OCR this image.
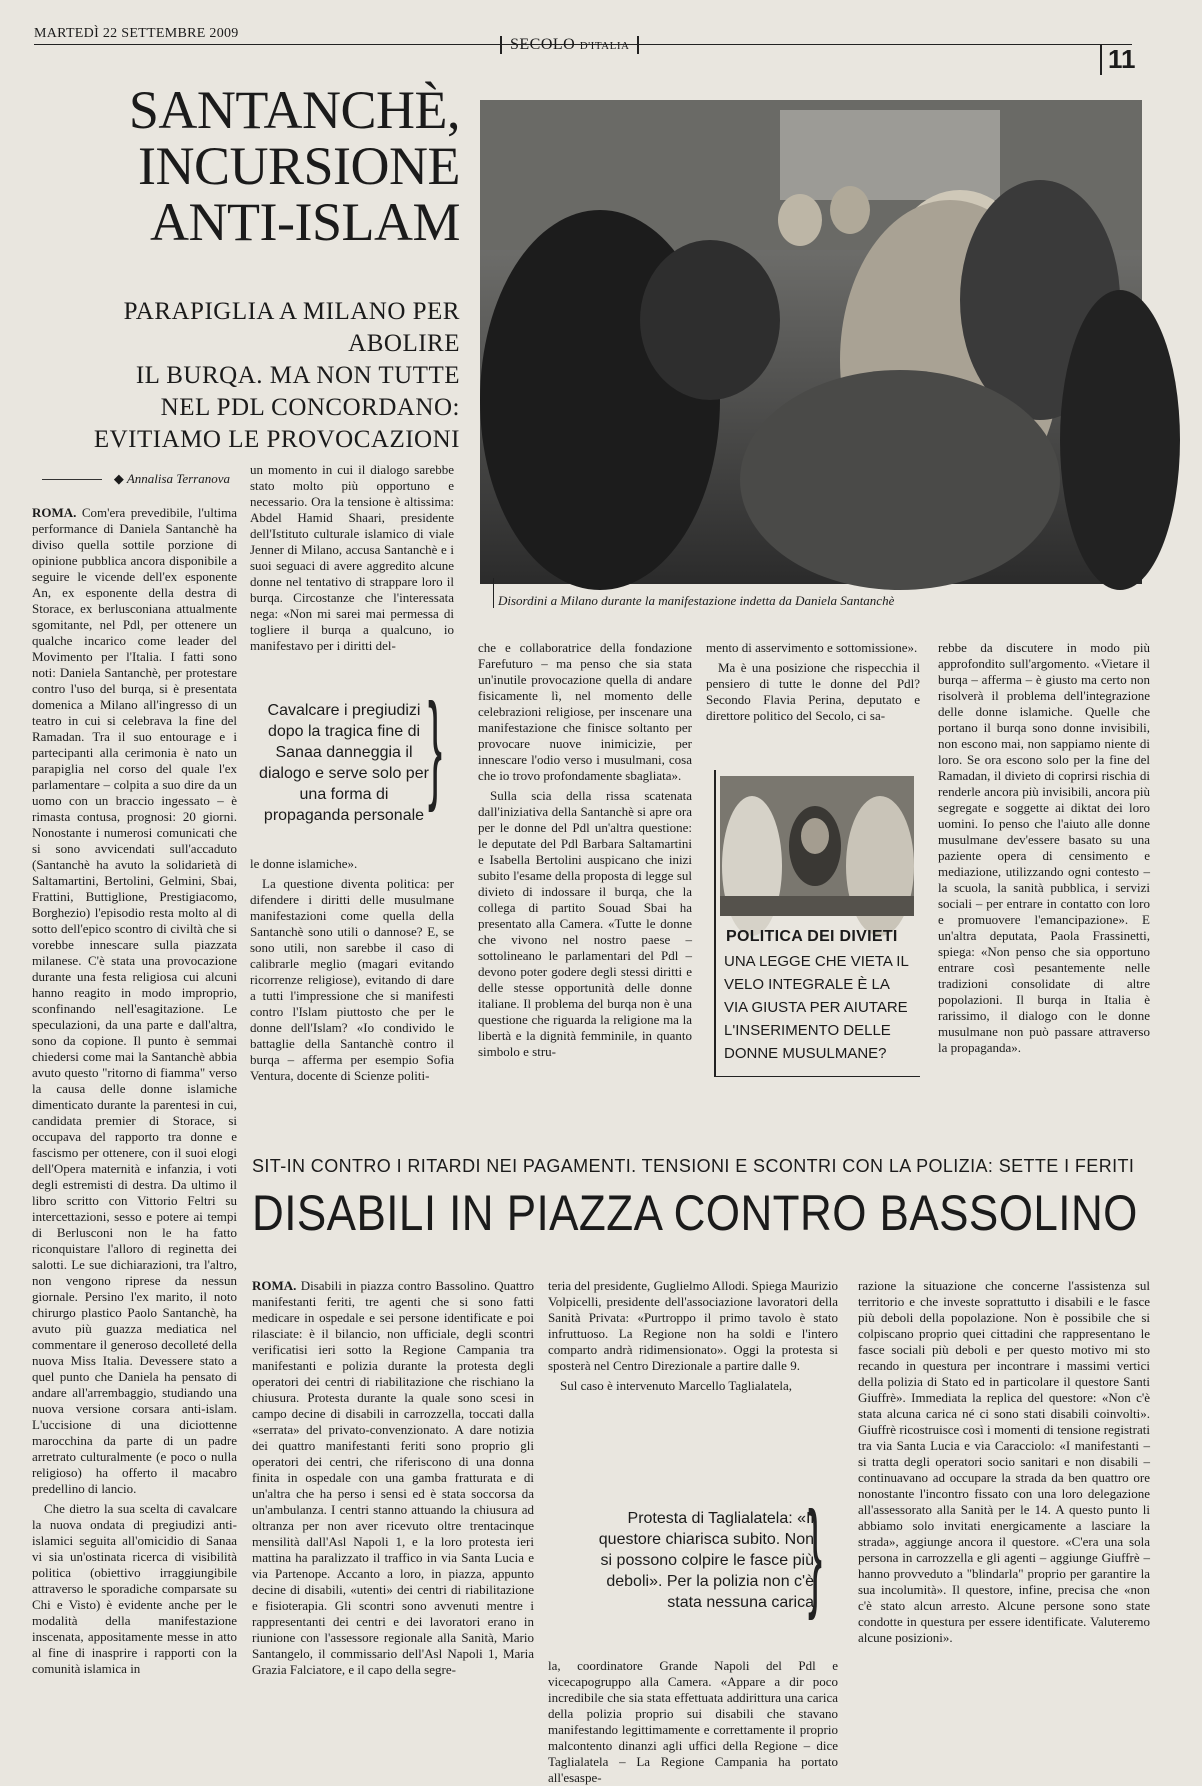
MARTEDÌ 22 SETTEMBRE 2009
SECOLO D'ITALIA	11
SANTANCHÈ,
INCURSIONE
ANTI-ISLAM
PARAPIGLIA A MILANO PER ABOLIRE
IL BURQA. MA NON TUTTE
NEL PDL CONCORDANO:
EVITIAMO LE PROVOCAZIONI
◆ Annalisa Terranova
Disordini a Milano durante la manifestazione indetta da Daniela Santanchè

ROMA. Com'era prevedibile, l'ultima performance di Daniela Santanchè ha diviso quella sottile porzione di opinione pubblica ancora disponibile a seguire le vicende dell'ex esponente An, ex esponente della destra di Storace, ex berlusconiana attualmente sgomitante, nel Pdl, per ottenere un qualche incarico come leader del Movimento per l'Italia. I fatti sono noti: Daniela Santanchè, per protestare contro l'uso del burqa, si è presentata domenica a Milano all'ingresso di un teatro in cui si celebrava la fine del Ramadan. Tra il suo entourage e i partecipanti alla cerimonia è nato un parapiglia nel corso del quale l'ex parlamentare – colpita a suo dire da un uomo con un braccio ingessato – è rimasta contusa, prognosi: 20 giorni. Nonostante i numerosi comunicati che si sono avvicendati sull'accaduto (Santanchè ha avuto la solidarietà di Saltamartini, Bertolini, Gelmini, Sbai, Frattini, Buttiglione, Prestigiacomo, Borghezio) l'episodio resta molto al di sotto dell'epico scontro di civiltà che si vorebbe innescare sulla piazzata milanese. C'è stata una provocazione durante una festa religiosa cui alcuni hanno reagito in modo improprio, sconfinando nell'esagitazione. Le speculazioni, da una parte e dall'altra, sono da copione. Il punto è semmai chiedersi come mai la Santanchè abbia avuto questo "ritorno di fiamma" verso la causa delle donne islamiche dimenticato durante la parentesi in cui, candidata premier di Storace, si occupava del rapporto tra donne e fascismo per ottenere, con il suoi elogi dell'Opera maternità e infanzia, i voti degli estremisti di destra. Da ultimo il libro scritto con Vittorio Feltri su intercettazioni, sesso e potere ai tempi di Berlusconi non le ha fatto riconquistare l'alloro di reginetta dei salotti. Le sue dichiarazioni, tra l'altro, non vengono riprese da nessun giornale. Persino l'ex marito, il noto chirurgo plastico Paolo Santanchè, ha avuto più guazza mediatica nel commentare il generoso decolleté della nuova Miss Italia. Devessere stato a quel punto che Daniela ha pensato di andare all'arrembaggio, studiando una nuova versione corsara anti-islam. L'uccisione di una diciottenne marocchina da parte di un padre arretrato culturalmente (e poco o nulla religioso) ha offerto il macabro predellino di lancio.

Che dietro la sua scelta di cavalcare la nuova ondata di pregiudizi anti-islamici seguita all'omicidio di Sanaa vi sia un'ostinata ricerca di visibilità politica (obiettivo irraggiungibile attraverso le sporadiche comparsate su Chi e Visto) è evidente anche per le modalità della manifestazione inscenata, appositamente messe in atto al fine di inasprire i rapporti con la comunità islamica in

un momento in cui il dialogo sarebbe stato molto più opportuno e necessario. Ora la tensione è altissima: Abdel Hamid Shaari, presidente dell'Istituto culturale islamico di viale Jenner di Milano, accusa Santanchè e i suoi seguaci di avere aggredito alcune donne nel tentativo di strappare loro il burqa. Circostanze che l'interessata nega: «Non mi sarei mai permessa di togliere il burqa a qualcuno, io manifestavo per i diritti del-

Cavalcare i pregiudizi dopo la tragica fine di Sanaa danneggia il dialogo e serve solo per una forma di propaganda personale
}

le donne islamiche».

La questione diventa politica: per difendere i diritti delle musulmane manifestazioni come quella della Santanchè sono utili o dannose? E, se sono utili, non sarebbe il caso di calibrarle meglio (magari evitando ricorrenze religiose), evitando di dare a tutti l'impressione che si manifesti contro l'Islam piuttosto che per le donne dell'Islam? «Io condivido le battaglie della Santanchè contro il burqa – afferma per esempio Sofia Ventura, docente di Scienze politi-

che e collaboratrice della fondazione Farefuturo – ma penso che sia stata un'inutile provocazione quella di andare fisicamente lì, nel momento delle celebrazioni religiose, per inscenare una manifestazione che finisce soltanto per provocare nuove inimicizie, per innescare l'odio verso i musulmani, cosa che io trovo profondamente sbagliata».

Sulla scia della rissa scatenata dall'iniziativa della Santanchè si apre ora per le donne del Pdl un'altra questione: le deputate del Pdl Barbara Saltamartini e Isabella Bertolini auspicano che inizi subito l'esame della proposta di legge sul divieto di indossare il burqa, che la collega di partito Souad Sbai ha presentato alla Camera. «Tutte le donne che vivono nel nostro paese – sottolineano le parlamentari del Pdl – devono poter godere degli stessi diritti e delle stesse opportunità delle donne italiane. Il problema del burqa non è una questione che riguarda la religione ma la libertà e la dignità femminile, in quanto simbolo e stru-

mento di asservimento e sottomissione».

Ma è una posizione che rispecchia il pensiero di tutte le donne del Pdl? Secondo Flavia Perina, deputato e direttore politico del Secolo, ci sa-

rebbe da discutere in modo più approfondito sull'argomento. «Vietare il burqa – afferma – è giusto ma certo non risolverà il problema dell'integrazione delle donne islamiche. Quelle che portano il burqa sono donne invisibili, non escono mai, non sappiamo niente di loro. Se ora escono solo per la fine del Ramadan, il divieto di coprirsi rischia di renderle ancora più invisibili, ancora più segregate e soggette ai diktat dei loro uomini. Io penso che l'aiuto alle donne musulmane dev'essere basato su una paziente opera di censimento e mediazione, utilizzando ogni contesto – la scuola, la sanità pubblica, i servizi sociali – per entrare in contatto con loro e promuovere l'emancipazione». E un'altra deputata, Paola Frassinetti, spiega: «Non penso che sia opportuno entrare così pesantemente nelle tradizioni consolidate di altre popolazioni. Il burqa in Italia è rarissimo, il dialogo con le donne musulmane non può passare attraverso la propaganda».

POLITICA DEI DIVIETI
UNA LEGGE CHE VIETA IL VELO INTEGRALE È LA VIA GIUSTA PER AIUTARE L'INSERIMENTO DELLE DONNE MUSULMANE?
SIT-IN CONTRO I RITARDI NEI PAGAMENTI. TENSIONI E SCONTRI CON LA POLIZIA: SETTE I FERITI
DISABILI IN PIAZZA CONTRO BASSOLINO

ROMA. Disabili in piazza contro Bassolino. Quattro manifestanti feriti, tre agenti che si sono fatti medicare in ospedale e sei persone identificate e poi rilasciate: è il bilancio, non ufficiale, degli scontri verificatisi ieri sotto la Regione Campania tra manifestanti e polizia durante la protesta degli operatori dei centri di riabilitazione che rischiano la chiusura. Protesta durante la quale sono scesi in campo decine di disabili in carrozzella, toccati dalla «serrata» del privato-convenzionato. A dare notizia dei quattro manifestanti feriti sono proprio gli operatori dei centri, che riferiscono di una donna finita in ospedale con una gamba fratturata e di un'altra che ha perso i sensi ed è stata soccorsa da un'ambulanza. I centri stanno attuando la chiusura ad oltranza per non aver ricevuto oltre trentacinque mensilità dall'Asl Napoli 1, e la loro protesta ieri mattina ha paralizzato il traffico in via Santa Lucia e via Partenope. Accanto a loro, in piazza, appunto decine di disabili, «utenti» dei centri di riabilitazione e fisioterapia. Gli scontri sono avvenuti mentre i rappresentanti dei centri e dei lavoratori erano in riunione con l'assessore regionale alla Sanità, Mario Santangelo, il commissario dell'Asl Napoli 1, Maria Grazia Falciatore, e il capo della segre-

teria del presidente, Guglielmo Allodi. Spiega Maurizio Volpicelli, presidente dell'associazione lavoratori della Sanità Privata: «Purtroppo il primo tavolo è stato infruttuoso. La Regione non ha soldi e l'intero comparto andrà ridimensionato». Oggi la protesta si sposterà nel Centro Direzionale a partire dalle 9.

Sul caso è intervenuto Marcello Taglialatela,

Protesta di Taglialatela: «Il questore chiarisca subito. Non si possono colpire le fasce più deboli». Per la polizia non c'è stata nessuna carica
}

la, coordinatore Grande Napoli del Pdl e vicecapogruppo alla Camera. «Appare a dir poco incredibile che sia stata effettuata addirittura una carica della polizia proprio sui disabili che stavano manifestando legittimamente e correttamente il proprio malcontento dinanzi agli uffici della Regione – dice Taglialatela – La Regione Campania ha portato all'esaspe-

razione la situazione che concerne l'assistenza sul territorio e che investe soprattutto i disabili e le fasce più deboli della popolazione. Non è possibile che si colpiscano proprio quei cittadini che rappresentano le fasce sociali più deboli e per questo motivo mi sto recando in questura per incontrare i massimi vertici della polizia di Stato ed in particolare il questore Santi Giuffrè». Immediata la replica del questore: «Non c'è stata alcuna carica né ci sono stati disabili coinvolti». Giuffrè ricostruisce così i momenti di tensione registrati tra via Santa Lucia e via Caracciolo: «I manifestanti – si tratta degli operatori socio sanitari e non disabili – continuavano ad occupare la strada da ben quattro ore nonostante l'incontro fissato con una loro delegazione all'assessorato alla Sanità per le 14. A questo punto li abbiamo solo invitati energicamente a lasciare la strada», aggiunge ancora il questore. «C'era una sola persona in carrozzella e gli agenti – aggiunge Giuffrè – hanno provveduto a "blindarla" proprio per garantire la sua incolumità». Il questore, infine, precisa che «non c'è stato alcun arresto. Alcune persone sono state condotte in questura per essere identificate. Valuteremo alcune posizioni».
